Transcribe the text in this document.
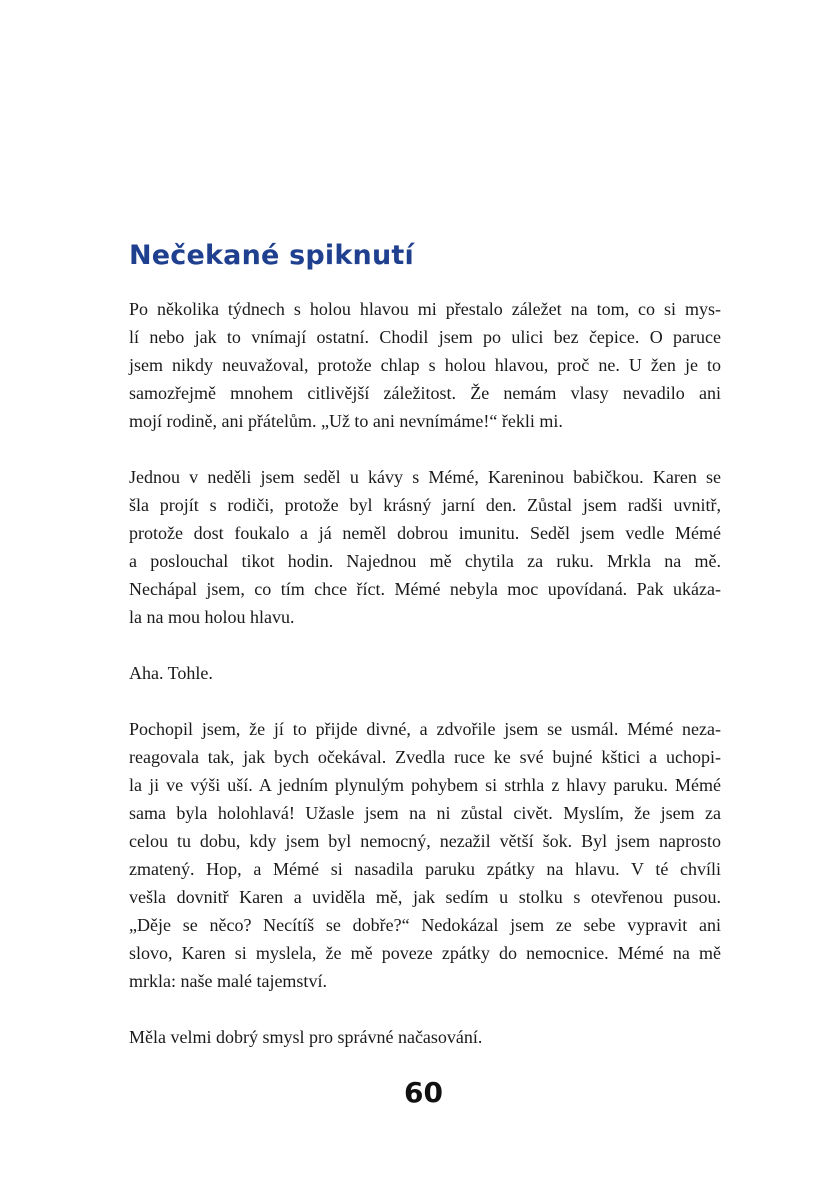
Nečekané spiknutí

Po několika týdnech s holou hlavou mi přestalo záležet na tom, co si mys-
lí nebo jak to vnímají ostatní. Chodil jsem po ulici bez čepice. O paruce
jsem nikdy neuvažoval, protože chlap s holou hlavou, proč ne. U žen je to
samozřejmě mnohem citlivější záležitost. Že nemám vlasy nevadilo ani
mojí rodině, ani přátelům. „Už to ani nevnímáme!“ řekli mi.

Jednou v neděli jsem seděl u kávy s Mémé, Kareninou babičkou. Karen se
šla projít s rodiči, protože byl krásný jarní den. Zůstal jsem radši uvnitř,
protože dost foukalo a já neměl dobrou imunitu. Seděl jsem vedle Mémé
a poslouchal tikot hodin. Najednou mě chytila za ruku. Mrkla na mě.
Nechápal jsem, co tím chce říct. Mémé nebyla moc upovídaná. Pak ukáza-
la na mou holou hlavu.

Aha. Tohle.

Pochopil jsem, že jí to přijde divné, a zdvořile jsem se usmál. Mémé neza-
reagovala tak, jak bych očekával. Zvedla ruce ke své bujné kštici a uchopi-
la ji ve výši uší. A jedním plynulým pohybem si strhla z hlavy paruku. Mémé
sama byla holohlavá! Užasle jsem na ni zůstal civět. Myslím, že jsem za
celou tu dobu, kdy jsem byl nemocný, nezažil větší šok. Byl jsem naprosto
zmatený. Hop, a Mémé si nasadila paruku zpátky na hlavu. V té chvíli
vešla dovnitř Karen a uviděla mě, jak sedím u stolku s otevřenou pusou.
„Děje se něco? Necítíš se dobře?“ Nedokázal jsem ze sebe vypravit ani
slovo, Karen si myslela, že mě poveze zpátky do nemocnice. Mémé na mě
mrkla: naše malé tajemství.

Měla velmi dobrý smysl pro správné načasování.

60
